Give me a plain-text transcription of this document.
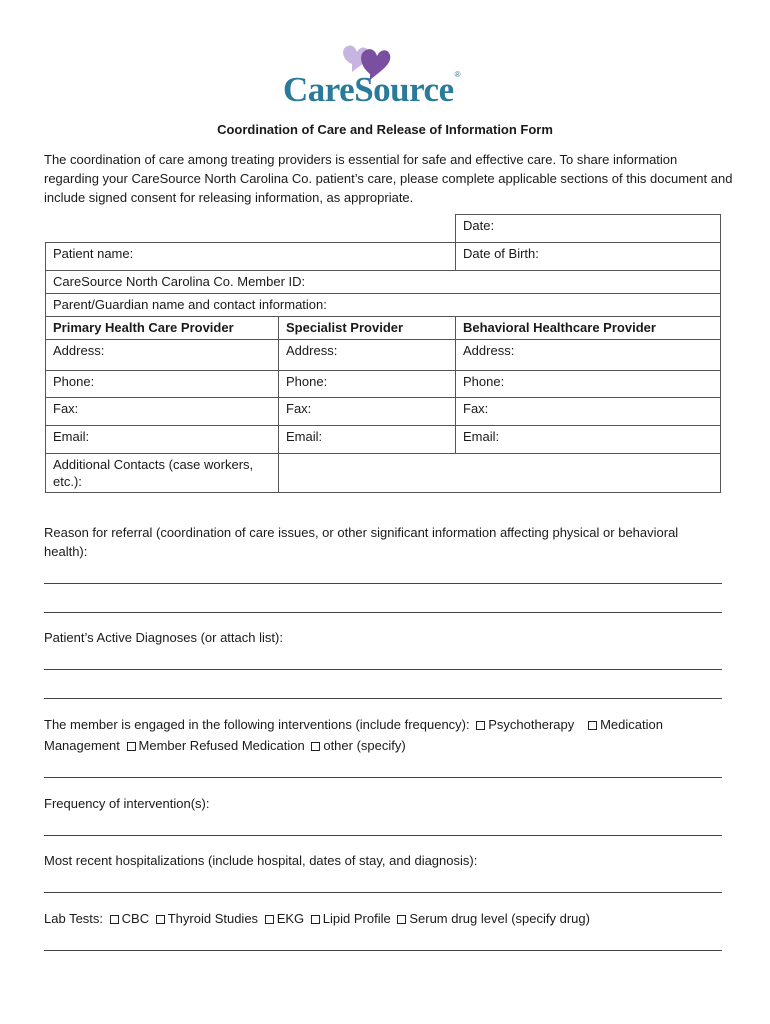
CareSource®
Coordination of Care and Release of Information Form
The coordination of care among treating providers is essential for safe and effective care. To share information regarding your CareSource North Carolina Co. patient’s care, please complete applicable sections of this document and include signed consent for releasing information, as appropriate.
		Date:
Patient name:		Date of Birth:
CareSource North Carolina Co. Member ID:		
Parent/Guardian name and contact information:		
Primary Health Care Provider	Specialist Provider	Behavioral Healthcare Provider
Address:	Address:	Address:
Phone:	Phone:	Phone:
Fax:	Fax:	Fax:
Email:	Email:	Email:
Additional Contacts (case workers, etc.):		
Reason for referral (coordination of care issues, or other significant information affecting physical or behavioral health):
Patient’s Active Diagnoses (or attach list):
The member is engaged in the following interventions (include frequency): Psychotherapy Medication Management Member Refused Medication other (specify)
Frequency of intervention(s):
Most recent hospitalizations (include hospital, dates of stay, and diagnosis):
Lab Tests: CBC Thyroid Studies EKG Lipid Profile Serum drug level (specify drug)
